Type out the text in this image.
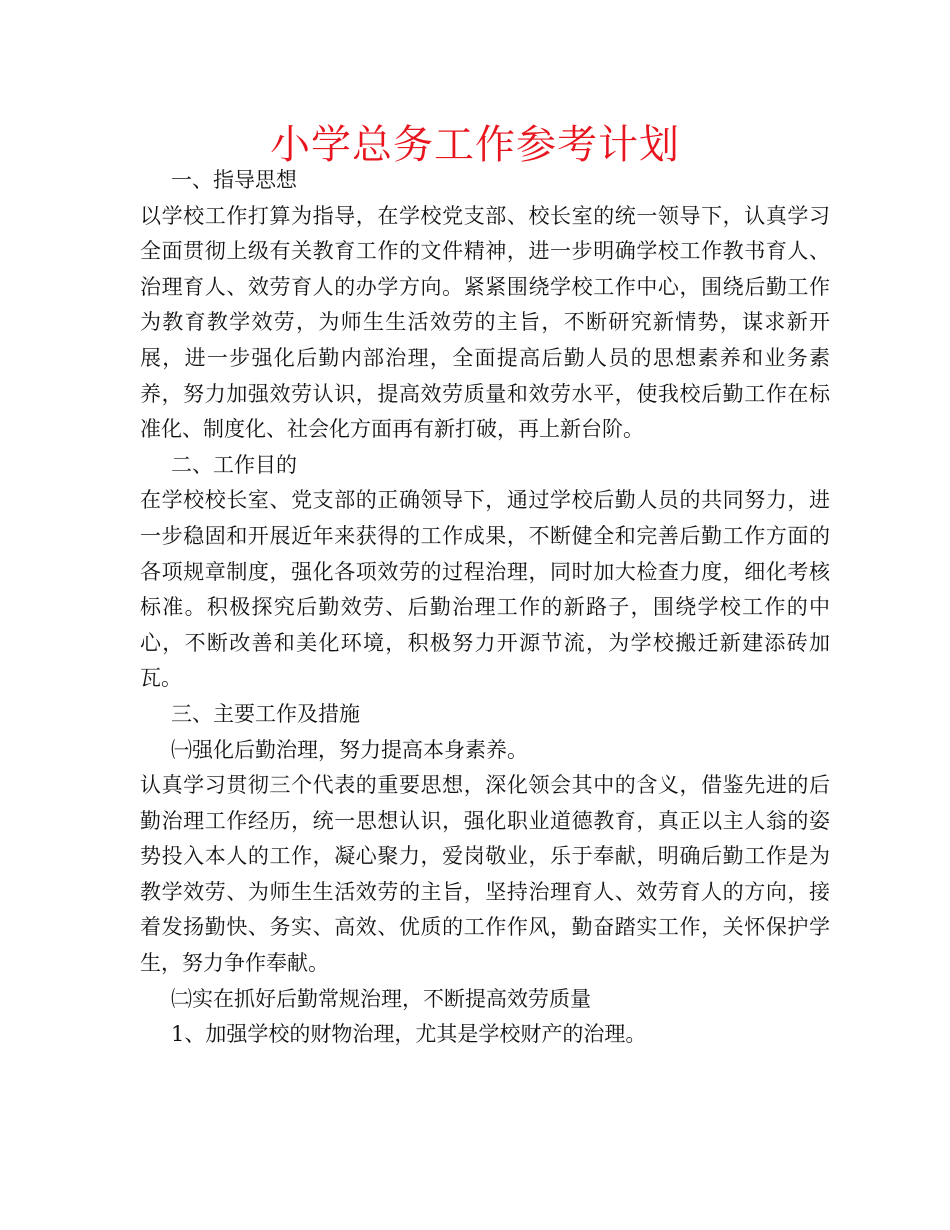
小学总务工作参考计划

一、指导思想

以学校工作打算为指导，在学校党支部、校长室的统一领导下，认真学习全面贯彻上级有关教育工作的文件精神，进一步明确学校工作教书育人、治理育人、效劳育人的办学方向。紧紧围绕学校工作中心，围绕后勤工作为教育教学效劳，为师生生活效劳的主旨，不断研究新情势，谋求新开展，进一步强化后勤内部治理，全面提高后勤人员的思想素养和业务素养，努力加强效劳认识，提高效劳质量和效劳水平，使我校后勤工作在标准化、制度化、社会化方面再有新打破，再上新台阶。

二、工作目的

在学校校长室、党支部的正确领导下，通过学校后勤人员的共同努力，进一步稳固和开展近年来获得的工作成果，不断健全和完善后勤工作方面的各项规章制度，强化各项效劳的过程治理，同时加大检查力度，细化考核标准。积极探究后勤效劳、后勤治理工作的新路子，围绕学校工作的中心，不断改善和美化环境，积极努力开源节流，为学校搬迁新建添砖加瓦。

三、主要工作及措施

㈠强化后勤治理，努力提高本身素养。

认真学习贯彻三个代表的重要思想，深化领会其中的含义，借鉴先进的后勤治理工作经历，统一思想认识，强化职业道德教育，真正以主人翁的姿势投入本人的工作，凝心聚力，爱岗敬业，乐于奉献，明确后勤工作是为教学效劳、为师生生活效劳的主旨，坚持治理育人、效劳育人的方向，接着发扬勤快、务实、高效、优质的工作作风，勤奋踏实工作，关怀保护学生，努力争作奉献。

㈡实在抓好后勤常规治理，不断提高效劳质量

1、加强学校的财物治理，尤其是学校财产的治理。
